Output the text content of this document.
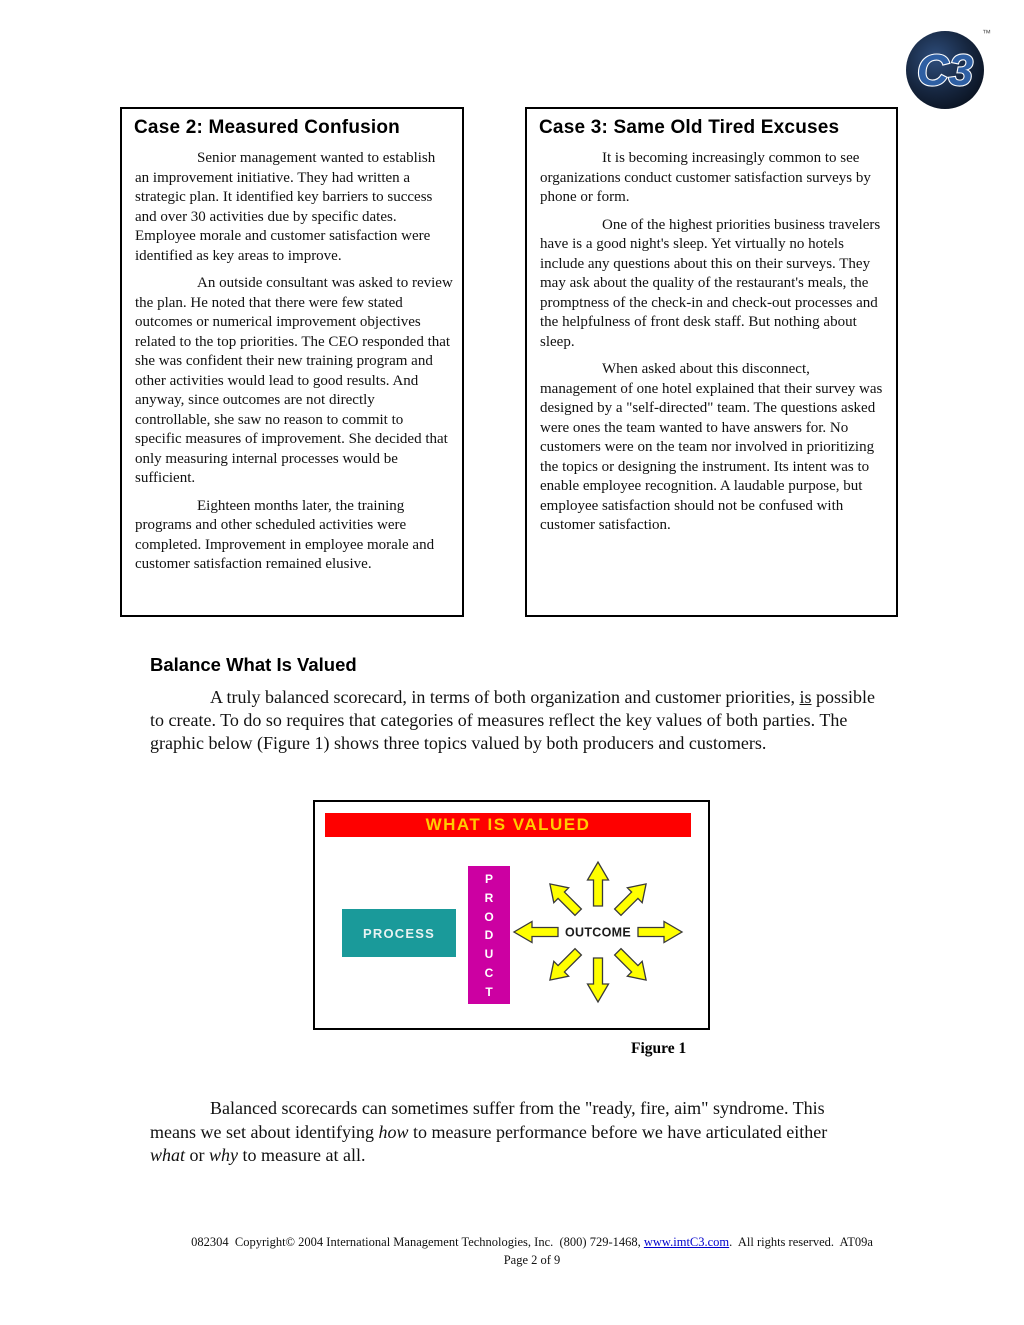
C3
™
Case 2: Measured Confusion

Senior management wanted to establish an improvement initiative. They had written a strategic plan. It identified key barriers to success and over 30 activities due by specific dates. Employee morale and customer satisfaction were identified as key areas to improve.

An outside consultant was asked to review the plan. He noted that there were few stated outcomes or numerical improvement objectives related to the top priorities. The CEO responded that she was confident their new training program and other activities would lead to good results. And anyway, since outcomes are not directly controllable, she saw no reason to commit to specific measures of improvement. She decided that only measuring internal processes would be sufficient.

Eighteen months later, the training programs and other scheduled activities were completed. Improvement in employee morale and customer satisfaction remained elusive.

Case 3: Same Old Tired Excuses

It is becoming increasingly common to see organizations conduct customer satisfaction surveys by phone or form.

One of the highest priorities business travelers have is a good night's sleep. Yet virtually no hotels include any questions about this on their surveys. They may ask about the quality of the restaurant's meals, the promptness of the check-in and check-out processes and the helpfulness of front desk staff. But nothing about sleep.

When asked about this disconnect, management of one hotel explained that their survey was designed by a "self-directed" team. The questions asked were ones the team wanted to have answers for. No customers were on the team nor involved in prioritizing the topics or designing the instrument. Its intent was to enable employee recognition. A laudable purpose, but employee satisfaction should not be confused with customer satisfaction.

Balance What Is Valued

A truly balanced scorecard, in terms of both organization and customer priorities, is possible to create. To do so requires that categories of measures reflect the key values of both parties. The graphic below (Figure 1) shows three topics valued by both producers and customers.

WHAT IS VALUED
PROCESS
PRODUCT
OUTCOME
Figure 1

Balanced scorecards can sometimes suffer from the "ready, fire, aim" syndrome. This means we set about identifying how to measure performance before we have articulated either what or why to measure at all.

082304  Copyright© 2004 International Management Technologies, Inc.  (800) 729-1468, www.imtC3.com.  All rights reserved.  AT09a
Page 2 of 9
